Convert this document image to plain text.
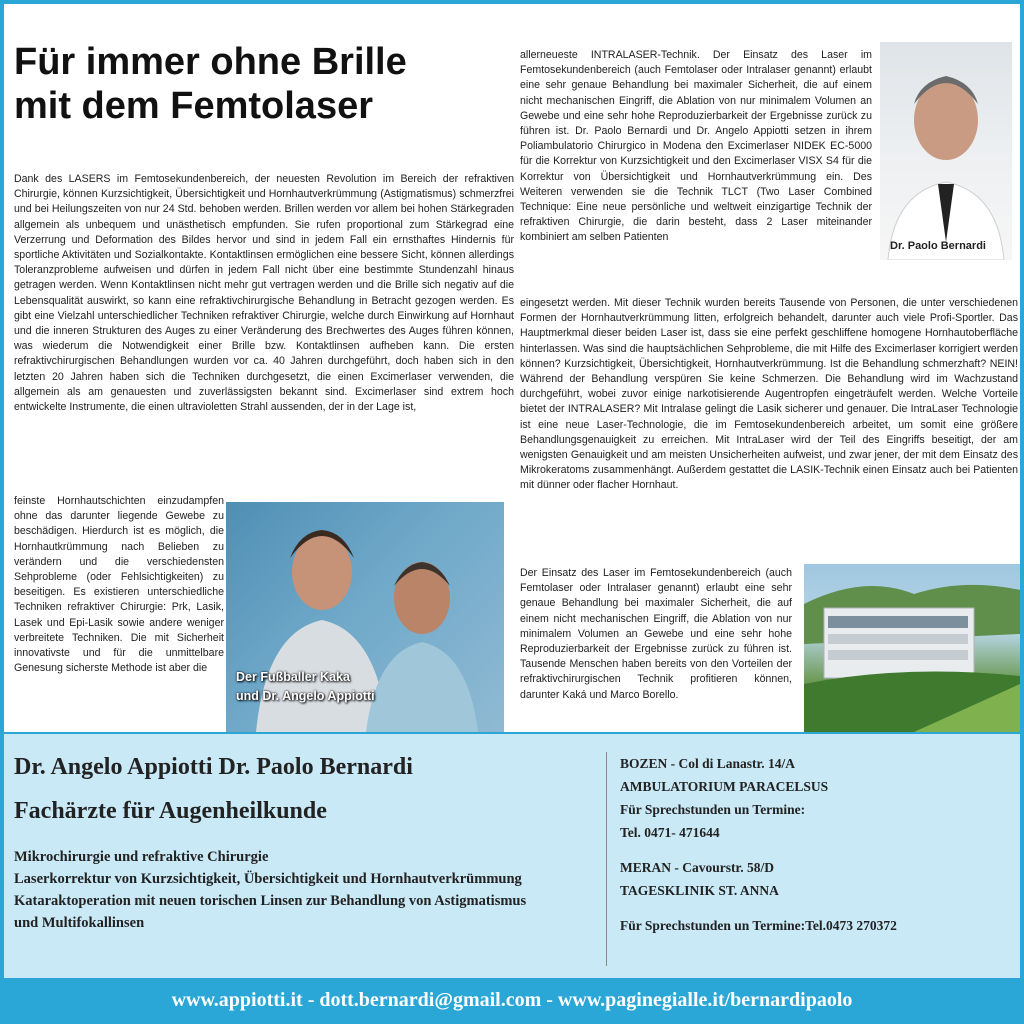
Für immer ohne Brille
mit dem Femtolaser

Dank des LASERS im Femtosekundenbereich, der neuesten Revolution im Bereich der refraktiven Chirurgie, können Kurzsichtigkeit, Übersichtigkeit und Hornhautverkrümmung (Astigmatismus) schmerzfrei und bei Heilungszeiten von nur 24 Std. behoben werden. Brillen werden vor allem bei hohen Stärkegraden allgemein als unbequem und unästhetisch empfunden. Sie rufen proportional zum Stärkegrad eine Verzerrung und Deformation des Bildes hervor und sind in jedem Fall ein ernsthaftes Hindernis für sportliche Aktivitäten und Sozialkontakte. Kontaktlinsen ermöglichen eine bessere Sicht, können allerdings Toleranzprobleme aufweisen und dürfen in jedem Fall nicht über eine bestimmte Stundenzahl hinaus getragen werden. Wenn Kontaktlinsen nicht mehr gut vertragen werden und die Brille sich negativ auf die Lebensqualität auswirkt, so kann eine refraktivchirurgische Behandlung in Betracht gezogen werden. Es gibt eine Vielzahl unterschiedlicher Techniken refraktiver Chirurgie, welche durch Einwirkung auf Hornhaut und die inneren Strukturen des Auges zu einer Veränderung des Brechwertes des Auges führen können, was wiederum die Notwendigkeit einer Brille bzw. Kontaktlinsen aufheben kann. Die ersten refraktivchirurgischen Behandlungen wurden vor ca. 40 Jahren durchgeführt, doch haben sich in den letzten 20 Jahren haben sich die Techniken durchgesetzt, die einen Excimerlaser verwenden, die allgemein als am genauesten und zuverlässigsten bekannt sind. Excimerlaser sind extrem hoch entwickelte Instrumente, die einen ultravioletten Strahl aussenden, der in der Lage ist,

feinste Hornhautschichten einzudampfen ohne das darunter liegende Gewebe zu beschädigen. Hierdurch ist es möglich, die Hornhautkrümmung nach Belieben zu verändern und die verschiedensten Sehprobleme (oder Fehlsichtigkeiten) zu beseitigen. Es existieren unterschiedliche Techniken refraktiver Chirurgie: Prk, Lasik, Lasek und Epi-Lasik sowie andere weniger verbreitete Techniken. Die mit Sicherheit innovativste und für die unmittelbare Genesung sicherste Methode ist aber die

allerneueste INTRALASER-Technik. Der Einsatz des Laser im Femtosekundenbereich (auch Femtolaser oder Intralaser genannt) erlaubt eine sehr genaue Behandlung bei maximaler Sicherheit, die auf einem nicht mechanischen Eingriff, die Ablation von nur minimalem Volumen an Gewebe und eine sehr hohe Reproduzierbarkeit der Ergebnisse zurück zu führen ist. Dr. Paolo Bernardi und Dr. Angelo Appiotti setzen in ihrem Poliambulatorio Chirurgico in Modena den Excimerlaser NIDEK EC-5000 für die Korrektur von Kurzsichtigkeit und den Excimerlaser VISX S4 für die Korrektur von Übersichtigkeit und Hornhautverkrümmung ein. Des Weiteren verwenden sie die Technik TLCT (Two Laser Combined Technique: Eine neue persönliche und weltweit einzigartige Technik der refraktiven Chirurgie, die darin besteht, dass 2 Laser miteinander kombiniert am selben Patienten

eingesetzt werden. Mit dieser Technik wurden bereits Tausende von Personen, die unter verschiedenen Formen der Hornhautverkrümmung litten, erfolgreich behandelt, darunter auch viele Profi-Sportler. Das Hauptmerkmal dieser beiden Laser ist, dass sie eine perfekt geschliffene homogene Hornhautoberfläche hinterlassen. Was sind die hauptsächlichen Sehprobleme, die mit Hilfe des Excimerlaser korrigiert werden können? Kurzsichtigkeit, Übersichtigkeit, Hornhautverkrümmung. Ist die Behandlung schmerzhaft? NEIN! Während der Behandlung verspüren Sie keine Schmerzen. Die Behandlung wird im Wachzustand durchgeführt, wobei zuvor einige narkotisierende Augentropfen eingeträufelt werden. Welche Vorteile bietet der INTRALASER? Mit Intralase gelingt die Lasik sicherer und genauer. Die IntraLaser Technologie ist eine neue Laser-Technologie, die im Femtosekundenbereich arbeitet, um somit eine größere Behandlungsgenauigkeit zu erreichen. Mit IntraLaser wird der Teil des Eingriffs beseitigt, der am wenigsten Genauigkeit und am meisten Unsicherheiten aufweist, und zwar jener, der mit dem Einsatz des Mikrokeratoms zusammenhängt. Außerdem gestattet die LASIK-Technik einen Einsatz auch bei Patienten mit dünner oder flacher Hornhaut.

Der Einsatz des Laser im Femtosekundenbereich (auch Femtolaser oder Intralaser genannt) erlaubt eine sehr genaue Behandlung bei maximaler Sicherheit, die auf einem nicht mechanischen Eingriff, die Ablation von nur minimalem Volumen an Gewebe und eine sehr hohe Reproduzierbarkeit der Ergebnisse zurück zu führen ist. Tausende Menschen haben bereits von den Vorteilen der refraktivchirurgischen Technik profitieren können, darunter Kaká und Marco Borello.

Dr. Paolo Bernardi
Der Fußballer Kaka
und Dr. Angelo Appiotti

Dr. Angelo Appiotti Dr. Paolo Bernardi

Fachärzte für Augenheilkunde

Mikrochirurgie und refraktive Chirurgie

Laserkorrektur von Kurzsichtigkeit, Übersichtigkeit und Hornhautverkrümmung

Kataraktoperation mit neuen torischen Linsen zur Behandlung von Astigmatismus

und Multifokallinsen

BOZEN - Col di Lanastr. 14/A

AMBULATORIUM PARACELSUS

Für Sprechstunden un Termine:

Tel. 0471- 471644

MERAN - Cavourstr. 58/D

TAGESKLINIK ST. ANNA

Für Sprechstunden un Termine:Tel.0473 270372

www.appiotti.it - dott.bernardi@gmail.com - www.paginegialle.it/bernardipaolo
